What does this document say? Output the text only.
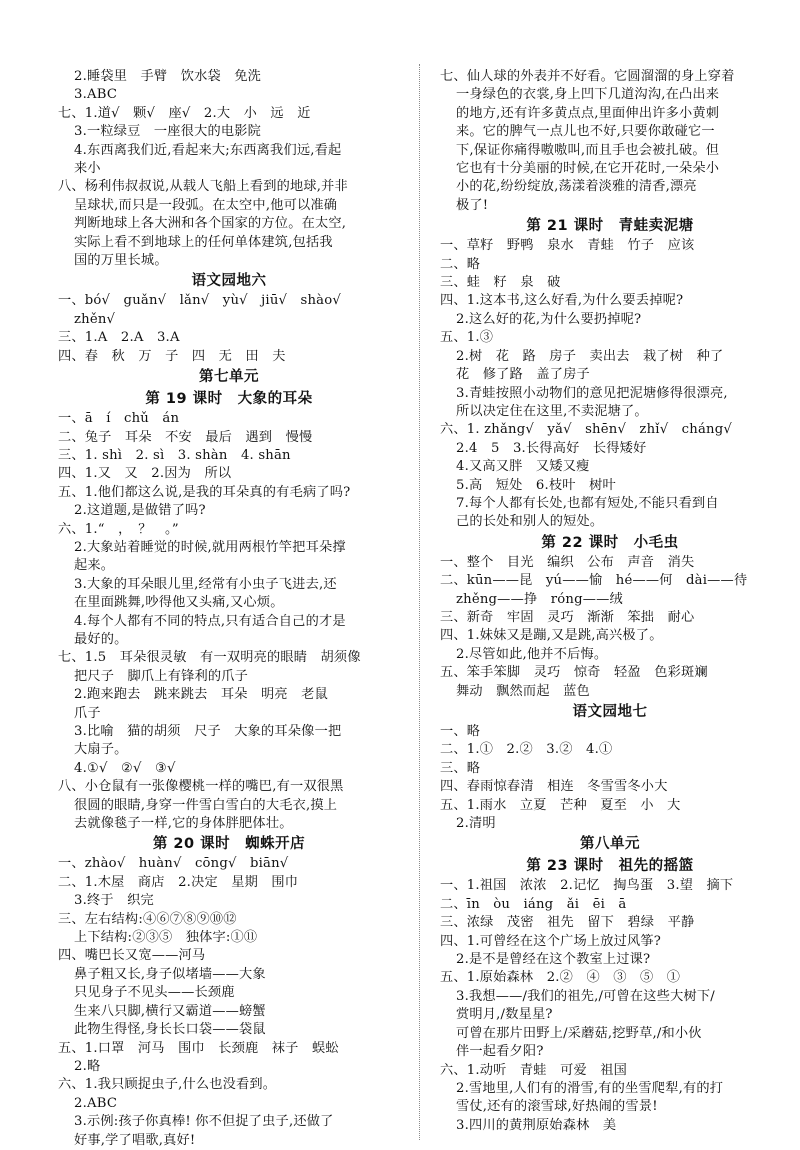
2.睡袋里　手臂　饮水袋　免洗
3.ABC
七、1.道√　颗√　座√　2.大　小　远　近
3.一粒绿豆　一座很大的电影院
4.东西离我们近,看起来大;东西离我们远,看起
来小
八、杨利伟叔叔说,从载人飞船上看到的地球,并非
呈球状,而只是一段弧。在太空中,他可以准确
判断地球上各大洲和各个国家的方位。在太空,
实际上看不到地球上的任何单体建筑,包括我
国的万里长城。
语文园地六
一、bó√　guǎn√　lǎn√　yù√　jiū√　shào√
zhěn√
三、1.A　2.A　3.A
四、春　秋　万　子　四　无　田　夫
第七单元
第 19 课时　大象的耳朵
一、ā　í　chǔ　án
二、兔子　耳朵　不安　最后　遇到　慢慢
三、1. shì　2. sì　3. shàn　4. shān
四、1.又　又　2.因为　所以
五、1.他们都这么说,是我的耳朵真的有毛病了吗?
2.这道题,是做错了吗?
六、1.“　，　？　。”
2.大象站着睡觉的时候,就用两根竹竿把耳朵撑
起来。
3.大象的耳朵眼儿里,经常有小虫子飞进去,还
在里面跳舞,吵得他又头痛,又心烦。
4.每个人都有不同的特点,只有适合自己的才是
最好的。
七、1.5　耳朵很灵敏　有一双明亮的眼睛　胡须像
把尺子　脚爪上有锋利的爪子
2.跑来跑去　跳来跳去　耳朵　明亮　老鼠
爪子
3.比喻　猫的胡须　尺子　大象的耳朵像一把
大扇子。
4.①√　②√　③√
八、小仓鼠有一张像樱桃一样的嘴巴,有一双很黑
很圆的眼睛,身穿一件雪白雪白的大毛衣,摸上
去就像毯子一样,它的身体胖肥体壮。
第 20 课时　蜘蛛开店
一、zhào√　huàn√　cōng√　biān√
二、1.木屋　商店　2.决定　星期　围巾
3.终于　织完
三、左右结构:④⑥⑦⑧⑨⑩⑫
上下结构:②③⑤　独体字:①⑪
四、嘴巴长又宽——河马
鼻子粗又长,身子似堵墙——大象
只见身子不见头——长颈鹿
生来八只脚,横行又霸道——螃蟹
此物生得怪,身长长口袋——袋鼠
五、1.口罩　河马　围巾　长颈鹿　袜子　蜈蚣
2.略
六、1.我只顾捉虫子,什么也没看到。
2.ABC
3.示例:孩子你真棒! 你不但捉了虫子,还做了
好事,学了唱歌,真好!
七、仙人球的外表并不好看。它圆溜溜的身上穿着
一身绿色的衣裳,身上凹下几道沟沟,在凸出来
的地方,还有许多黄点点,里面伸出许多小黄刺
来。它的脾气一点儿也不好,只要你敢碰它一
下,保证你痛得嗷嗷叫,而且手也会被扎破。但
它也有十分美丽的时候,在它开花时,一朵朵小
小的花,纷纷绽放,荡漾着淡雅的清香,漂亮
极了!
第 21 课时　青蛙卖泥塘
一、草籽　野鸭　泉水　青蛙　竹子　应该
二、略
三、蛙　籽　泉　破
四、1.这本书,这么好看,为什么要丢掉呢?
2.这么好的花,为什么要扔掉呢?
五、1.③
2.树　花　路　房子　卖出去　栽了树　种了
花　修了路　盖了房子
3.青蛙按照小动物们的意见把泥塘修得很漂亮,
所以决定住在这里,不卖泥塘了。
六、1. zhǎng√　yǎ√　shēn√　zhǐ√　cháng√
2.4　5　3.长得高好　长得矮好
4.又高又胖　又矮又瘦
5.高　短处　6.枝叶　树叶
7.每个人都有长处,也都有短处,不能只看到自
己的长处和别人的短处。
第 22 课时　小毛虫
一、整个　目光　编织　公布　声音　消失
二、kūn——昆　yú——愉　hé——何　dài——待
zhěng——挣　róng——绒
三、新奇　牢固　灵巧　渐渐　笨拙　耐心
四、1.妹妹又是蹦,又是跳,高兴极了。
2.尽管如此,他并不后悔。
五、笨手笨脚　灵巧　惊奇　轻盈　色彩斑斓
舞动　飘然而起　蓝色
语文园地七
一、略
二、1.①　2.②　3.②　4.①
三、略
四、春雨惊春清　相连　冬雪雪冬小大
五、1.雨水　立夏　芒种　夏至　小　大
2.清明
第八单元
第 23 课时　祖先的摇篮
一、1.祖国　浓浓　2.记忆　掏鸟蛋　3.望　摘下
二、īn　òu　iáng　ǎi　ēi　ā
三、浓绿　茂密　祖先　留下　碧绿　平静
四、1.可曾经在这个广场上放过风筝?
2.是不是曾经在这个教室上过课?
五、1.原始森林　2.②　④　③　⑤　①
3.我想——/我们的祖先,/可曾在这些大树下/
赏明月,/数星星?
可曾在那片田野上/采蘑菇,挖野草,/和小伙
伴一起看夕阳?
六、1.动听　青蛙　可爱　祖国
2.雪地里,人们有的滑雪,有的坐雪爬犁,有的打
雪仗,还有的滚雪球,好热闹的雪景!
3.四川的黄荆原始森林　美
